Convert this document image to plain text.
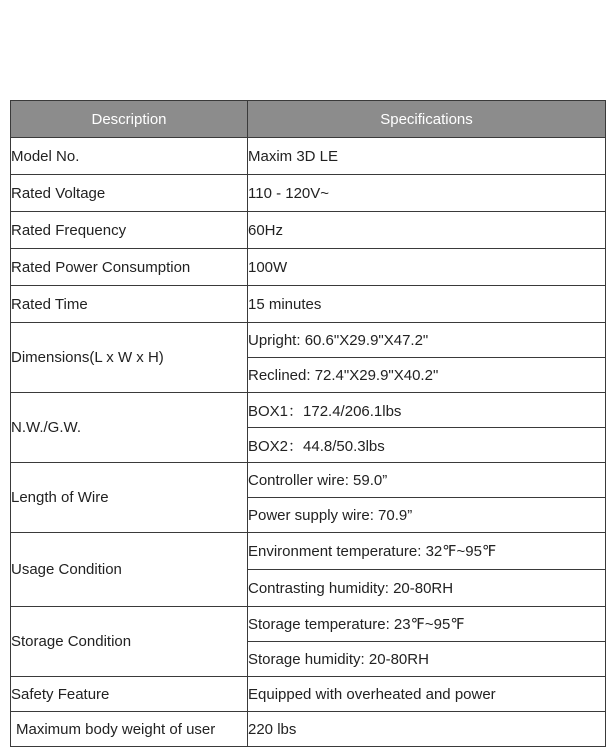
Description	Specifications
Model No.	Maxim 3D LE
Rated Voltage	110 - 120V~
Rated Frequency	60Hz
Rated Power Consumption	100W
Rated Time	15 minutes
Dimensions(L x W x H)	Upright: 60.6"X29.9"X47.2"
	Reclined: 72.4"X29.9"X40.2"
N.W./G.W.	BOX1：172.4/206.1lbs
	BOX2：44.8/50.3lbs
Length of Wire	Controller wire: 59.0”
	Power supply wire: 70.9”
Usage Condition	Environment temperature: 32℉~95℉
	Contrasting humidity: 20-80RH
Storage Condition	Storage temperature: 23℉~95℉
	Storage humidity: 20-80RH
Safety Feature	Equipped with overheated and power
Maximum body weight of user	220 lbs
